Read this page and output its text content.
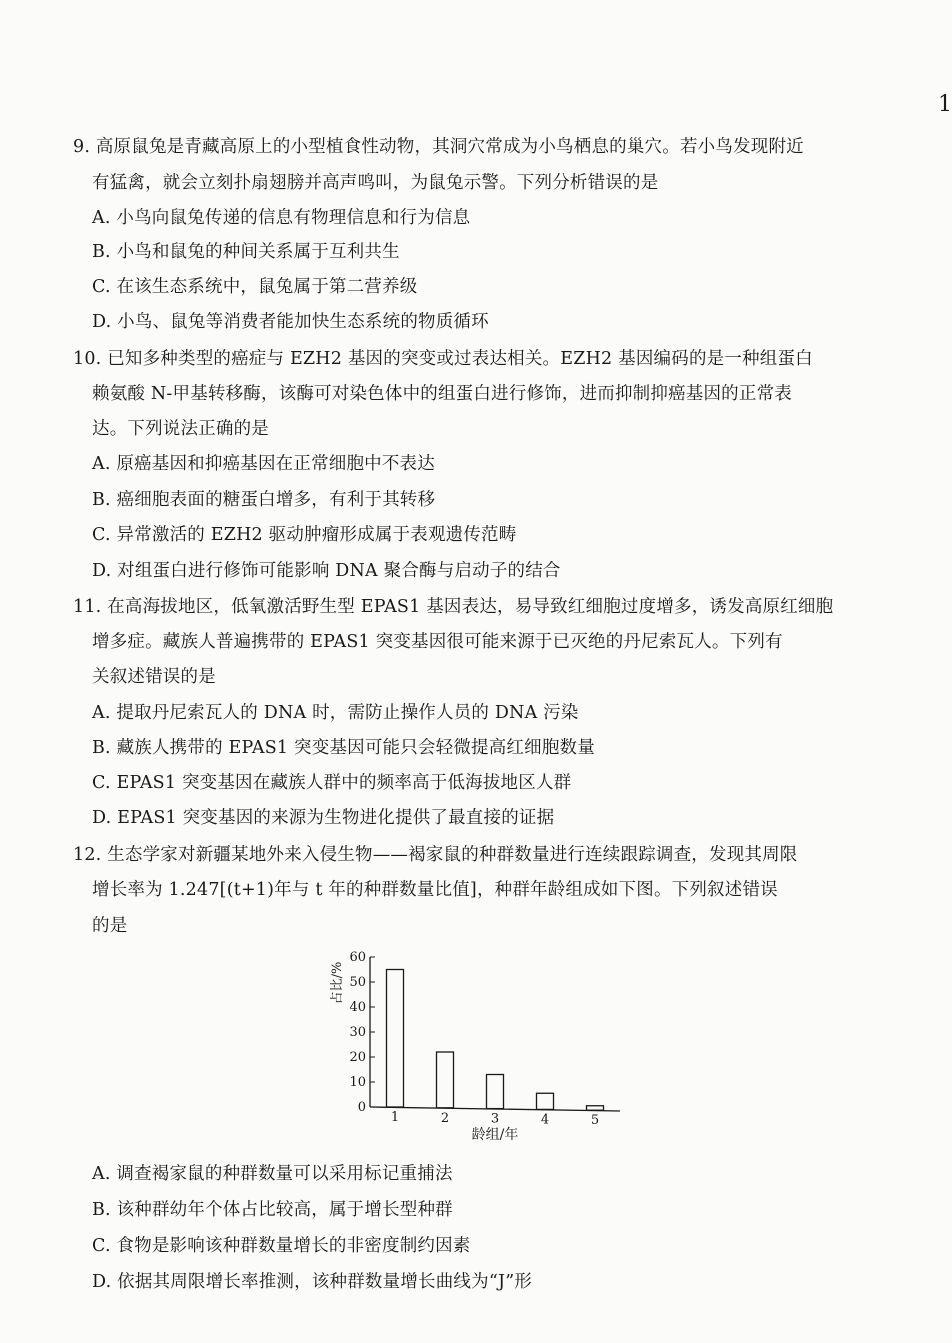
1
9. 高原鼠兔是青藏高原上的小型植食性动物，其洞穴常成为小鸟栖息的巢穴。若小鸟发现附近
有猛禽，就会立刻扑扇翅膀并高声鸣叫，为鼠兔示警。下列分析错误的是
A. 小鸟向鼠兔传递的信息有物理信息和行为信息
B. 小鸟和鼠兔的种间关系属于互利共生
C. 在该生态系统中，鼠兔属于第二营养级
D. 小鸟、鼠兔等消费者能加快生态系统的物质循环
10. 已知多种类型的癌症与 EZH2 基因的突变或过表达相关。EZH2 基因编码的是一种组蛋白
赖氨酸 N-甲基转移酶，该酶可对染色体中的组蛋白进行修饰，进而抑制抑癌基因的正常表
达。下列说法正确的是
A. 原癌基因和抑癌基因在正常细胞中不表达
B. 癌细胞表面的糖蛋白增多，有利于其转移
C. 异常激活的 EZH2 驱动肿瘤形成属于表观遗传范畴
D. 对组蛋白进行修饰可能影响 DNA 聚合酶与启动子的结合
11. 在高海拔地区，低氧激活野生型 EPAS1 基因表达，易导致红细胞过度增多，诱发高原红细胞
增多症。藏族人普遍携带的 EPAS1 突变基因很可能来源于已灭绝的丹尼索瓦人。下列有
关叙述错误的是
A. 提取丹尼索瓦人的 DNA 时，需防止操作人员的 DNA 污染
B. 藏族人携带的 EPAS1 突变基因可能只会轻微提高红细胞数量
C. EPAS1 突变基因在藏族人群中的频率高于低海拔地区人群
D. EPAS1 突变基因的来源为生物进化提供了最直接的证据
12. 生态学家对新疆某地外来入侵生物——褐家鼠的种群数量进行连续跟踪调查，发现其周限
增长率为 1.247[(t+1)年与 t 年的种群数量比值]，种群年龄组成如下图。下列叙述错误
的是
0
10
20
30
40
50
60
1	2	3	4	5
占比/%
龄组/年
A. 调查褐家鼠的种群数量可以采用标记重捕法
B. 该种群幼年个体占比较高，属于增长型种群
C. 食物是影响该种群数量增长的非密度制约因素
D. 依据其周限增长率推测，该种群数量增长曲线为“J”形
